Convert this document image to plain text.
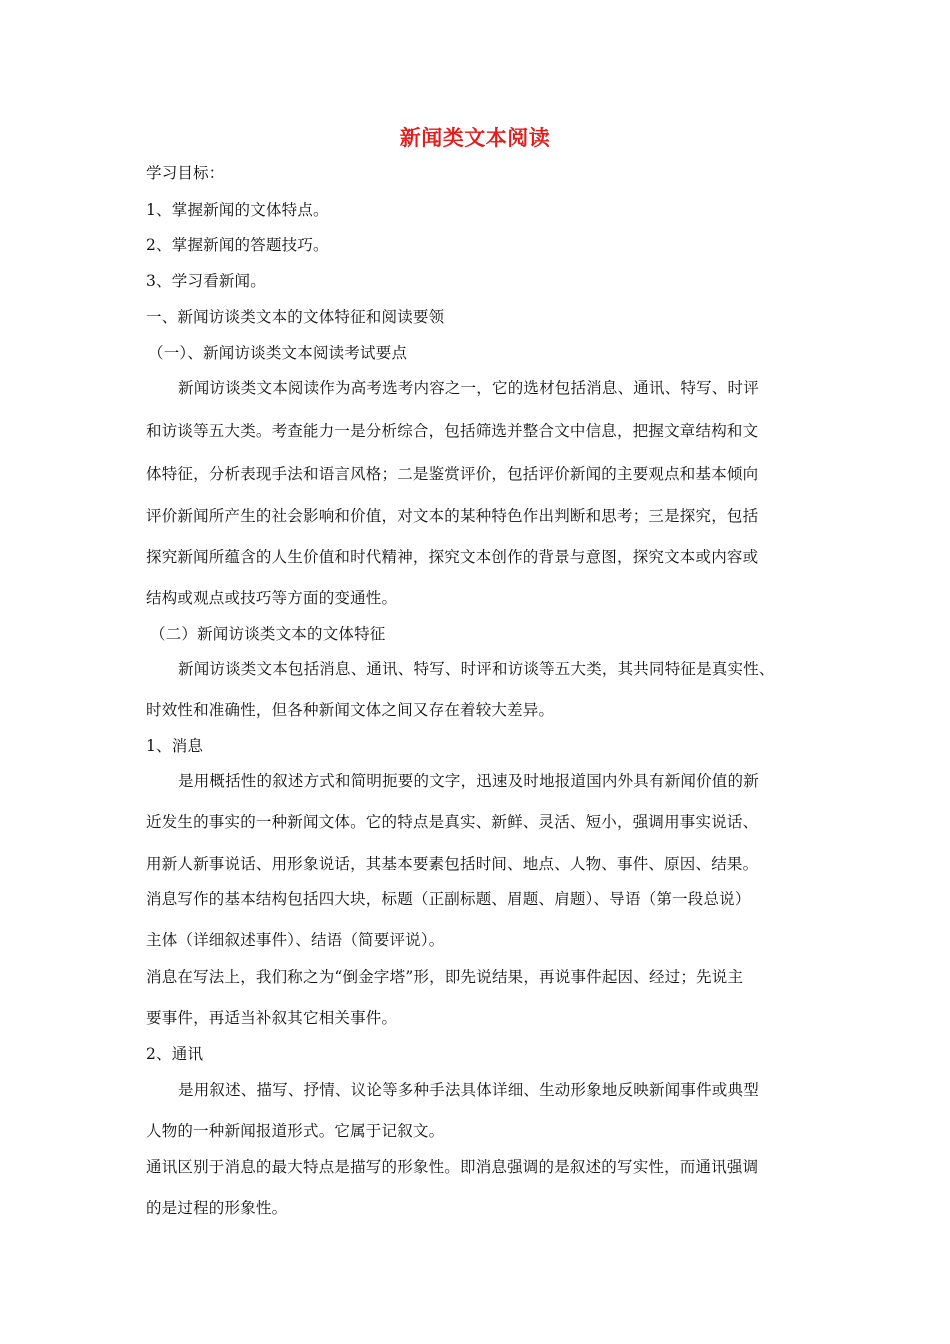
新闻类文本阅读
学习目标：
1、掌握新闻的文体特点。
2、掌握新闻的答题技巧。
3、学习看新闻。
一、新闻访谈类文本的文体特征和阅读要领
（一）、新闻访谈类文本阅读考试要点
新闻访谈类文本阅读作为高考选考内容之一，它的选材包括消息、通讯、特写、时评
和访谈等五大类。考查能力一是分析综合，包括筛选并整合文中信息，把握文章结构和文
体特征，分析表现手法和语言风格；二是鉴赏评价，包括评价新闻的主要观点和基本倾向
评价新闻所产生的社会影响和价值，对文本的某种特色作出判断和思考；三是探究，包括
探究新闻所蕴含的人生价值和时代精神，探究文本创作的背景与意图，探究文本或内容或
结构或观点或技巧等方面的变通性。
（二）新闻访谈类文本的文体特征
新闻访谈类文本包括消息、通讯、特写、时评和访谈等五大类，其共同特征是真实性、
时效性和准确性，但各种新闻文体之间又存在着较大差异。
1、消息
是用概括性的叙述方式和简明扼要的文字，迅速及时地报道国内外具有新闻价值的新
近发生的事实的一种新闻文体。它的特点是真实、新鲜、灵活、短小，强调用事实说话、
用新人新事说话、用形象说话，其基本要素包括时间、地点、人物、事件、原因、结果。
消息写作的基本结构包括四大块，标题（正副标题、眉题、肩题）、导语（第一段总说）
主体（详细叙述事件）、结语（简要评说）。
消息在写法上，我们称之为“倒金字塔”形，即先说结果，再说事件起因、经过；先说主
要事件，再适当补叙其它相关事件。
2、通讯
是用叙述、描写、抒情、议论等多种手法具体详细、生动形象地反映新闻事件或典型
人物的一种新闻报道形式。它属于记叙文。
通讯区别于消息的最大特点是描写的形象性。即消息强调的是叙述的写实性，而通讯强调
的是过程的形象性。
